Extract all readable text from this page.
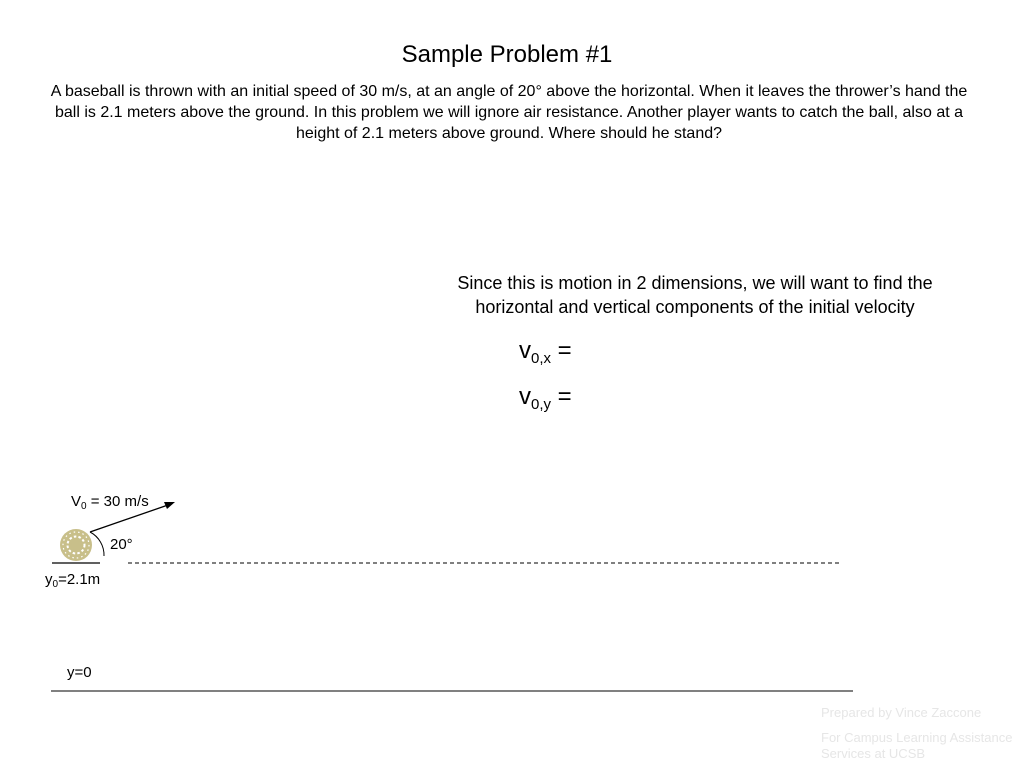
Sample Problem #1
A baseball is thrown with an initial speed of 30 m/s, at an angle of 20° above the horizontal. When it leaves the thrower’s hand the ball is 2.1 meters above the ground. In this problem we will ignore air resistance. Another player wants to catch the ball, also at a height of 2.1 meters above ground. Where should he stand?
Since this is motion in 2 dimensions, we will want to find the horizontal and vertical components of the initial velocity
$v_{0,x}$ =
$v_{0,y}$ =
$V_0 = 30$ m/s
20°
$y_0=2.1m$
y=0
Prepared by Vince Zaccone
For Campus Learning Assistance Services at UCSB
